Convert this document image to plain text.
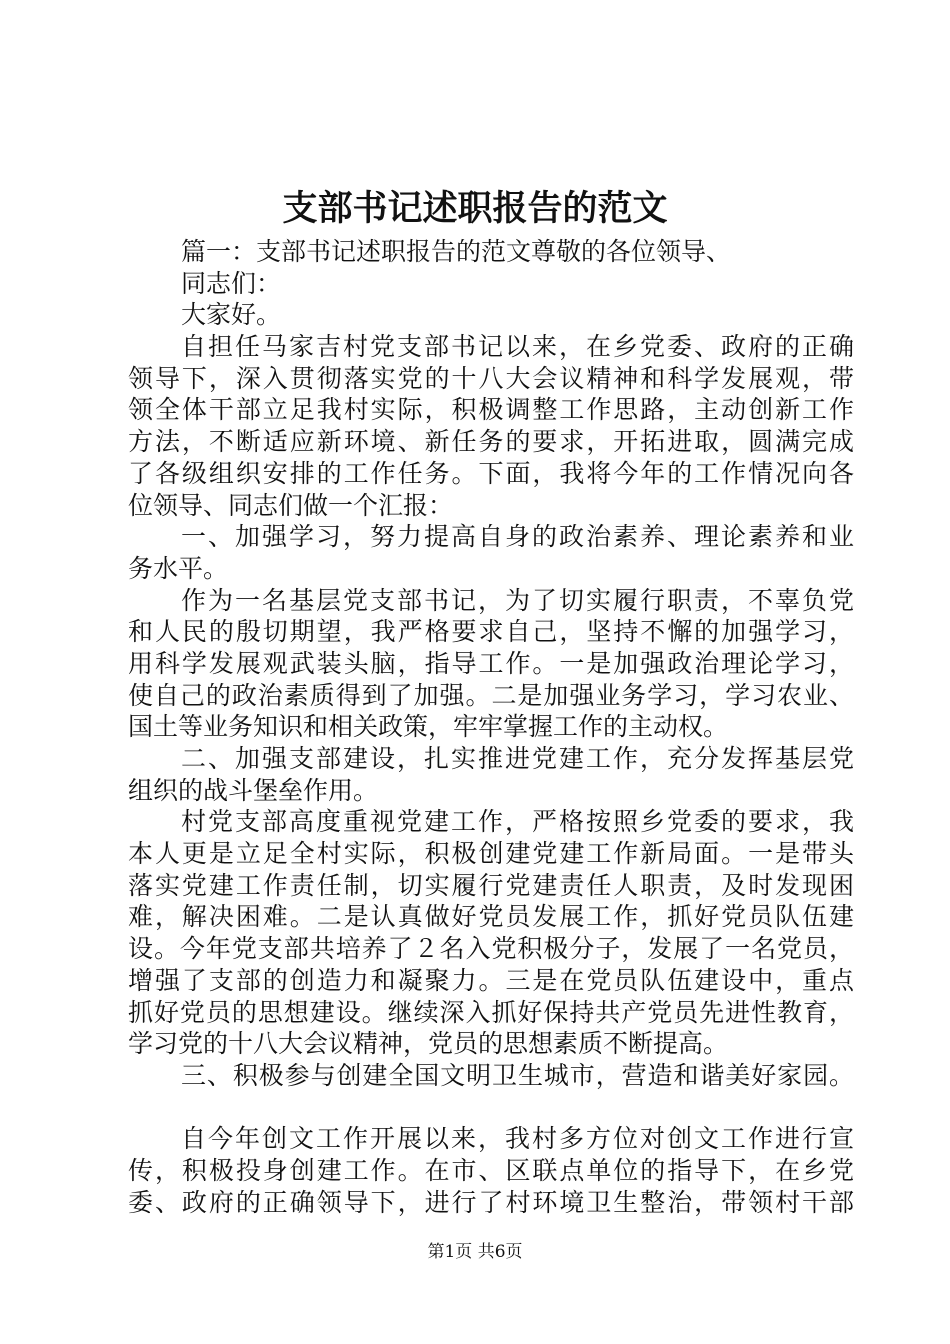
支部书记述职报告的范文
篇一：支部书记述职报告的范文尊敬的各位领导、
同志们：
大家好。
自担任马家吉村党支部书记以来，在乡党委、政府的正确
领导下，深入贯彻落实党的十八大会议精神和科学发展观，带
领全体干部立足我村实际，积极调整工作思路，主动创新工作
方法，不断适应新环境、新任务的要求，开拓进取，圆满完成
了各级组织安排的工作任务。下面，我将今年的工作情况向各
位领导、同志们做一个汇报：
一、加强学习，努力提高自身的政治素养、理论素养和业
务水平。
作为一名基层党支部书记，为了切实履行职责，不辜负党
和人民的殷切期望，我严格要求自己，坚持不懈的加强学习，
用科学发展观武装头脑，指导工作。一是加强政治理论学习，
使自己的政治素质得到了加强。二是加强业务学习，学习农业、
国土等业务知识和相关政策，牢牢掌握工作的主动权。
二、加强支部建设，扎实推进党建工作，充分发挥基层党
组织的战斗堡垒作用。
村党支部高度重视党建工作，严格按照乡党委的要求，我
本人更是立足全村实际，积极创建党建工作新局面。一是带头
落实党建工作责任制，切实履行党建责任人职责，及时发现困
难，解决困难。二是认真做好党员发展工作，抓好党员队伍建
设。今年党支部共培养了２名入党积极分子，发展了一名党员，
增强了支部的创造力和凝聚力。三是在党员队伍建设中，重点
抓好党员的思想建设。继续深入抓好保持共产党员先进性教育，
学习党的十八大会议精神，党员的思想素质不断提高。
三、积极参与创建全国文明卫生城市，营造和谐美好家园。
自今年创文工作开展以来，我村多方位对创文工作进行宣
传，积极投身创建工作。在市、区联点单位的指导下，在乡党
委、政府的正确领导下，进行了村环境卫生整治，带领村干部
第1页 共6页
